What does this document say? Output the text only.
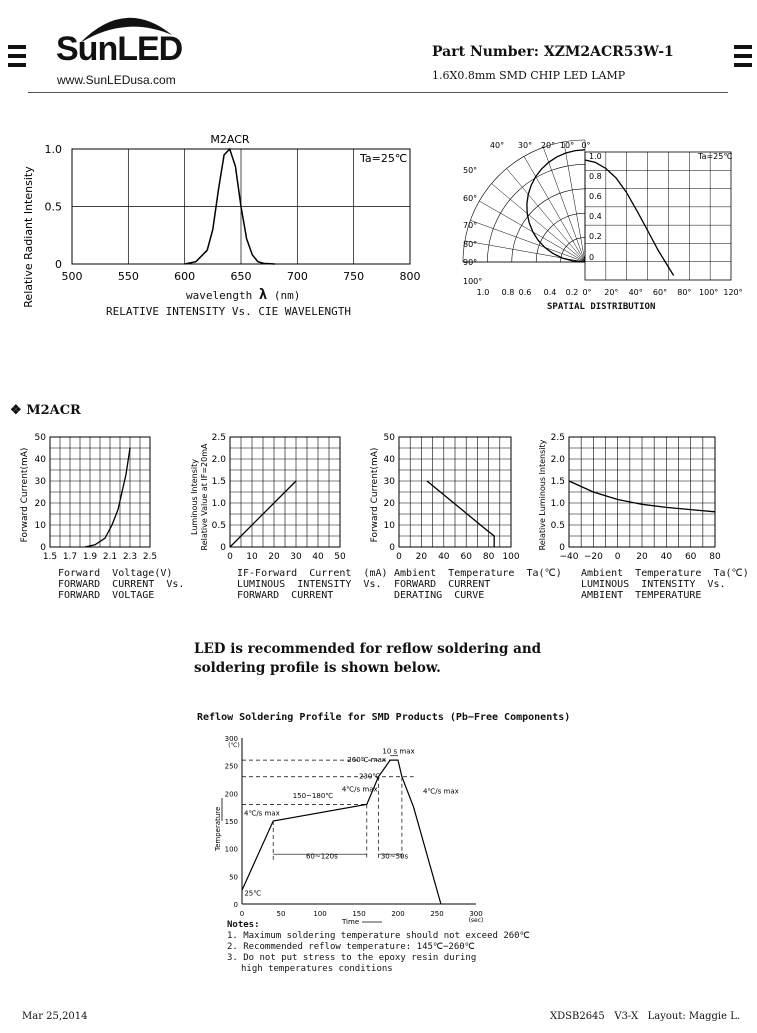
SunLED
www.SunLEDusa.com
Part Number: XZM2ACR53W-1
1.6X0.8mm SMD CHIP LED LAMP
1.0
0.5
0
500	550	600	650	700	750	800
M2ACR
Ta=25℃
Relative Radiant Intensity	wavelength λ (nm)
RELATIVE INTENSITY Vs. CIE WAVELENGTH
Ta=25℃
40° 30° 20° 10° 0°
50°
60°
70°
80°
90°
100°
1.0 0.8 0.6 0.4 0.2 0° 20° 40° 60° 80° 100° 120°
1.0
0.8
0.6
0.4
0.2
0
SPATIAL DISTRIBUTION
❖ M2ACR
50
40
30
20
10
0
1.5 1.7 1.9 2.1 2.3 2.5
Forward Current(mA)
Forward  Voltage(V)
FORWARD  CURRENT  Vs.
FORWARD  VOLTAGE
2.5
2.0
1.5
1.0
0.5
0
0 10 20 30 40 50
Luminous Intensity Relative Value at IF=20mA
IF-Forward  Current  (mA)
LUMINOUS  INTENSITY  Vs.
FORWARD  CURRENT
50
40
30
20
10
0
0 20 40 60 80 100
Forward Current(mA)
Ambient  Temperature  Ta(℃)
FORWARD  CURRENT
DERATING  CURVE
2.5
2.0
1.5
1.0
0.5
0
−40 −20 0 20 40 60 80
Relative Luminous Intensity
Ambient  Temperature  Ta(℃)
LUMINOUS  INTENSITY  Vs.
AMBIENT  TEMPERATURE
LED is recommended for reflow soldering and
soldering profile is shown below.
Reflow Soldering Profile for SMD Products (Pb−Free Components)
300
250
200
150
100
50
0
0	50	100	150	200	250	300
(℃)
(sec)
Temperature
Time
10 s max
260℃ max
230℃
4℃/s max
150~180℃
4℃/s max
4℃/s max
60~120s	30~50s
25℃
Notes:
1. Maximum soldering temperature should not exceed 260℃
2. Recommended reflow temperature: 145℃−260℃
3. Do not put stress to the epoxy resin during
high temperatures conditions
Mar 25,2014	XDSB2645 V3-X Layout: Maggie L.
